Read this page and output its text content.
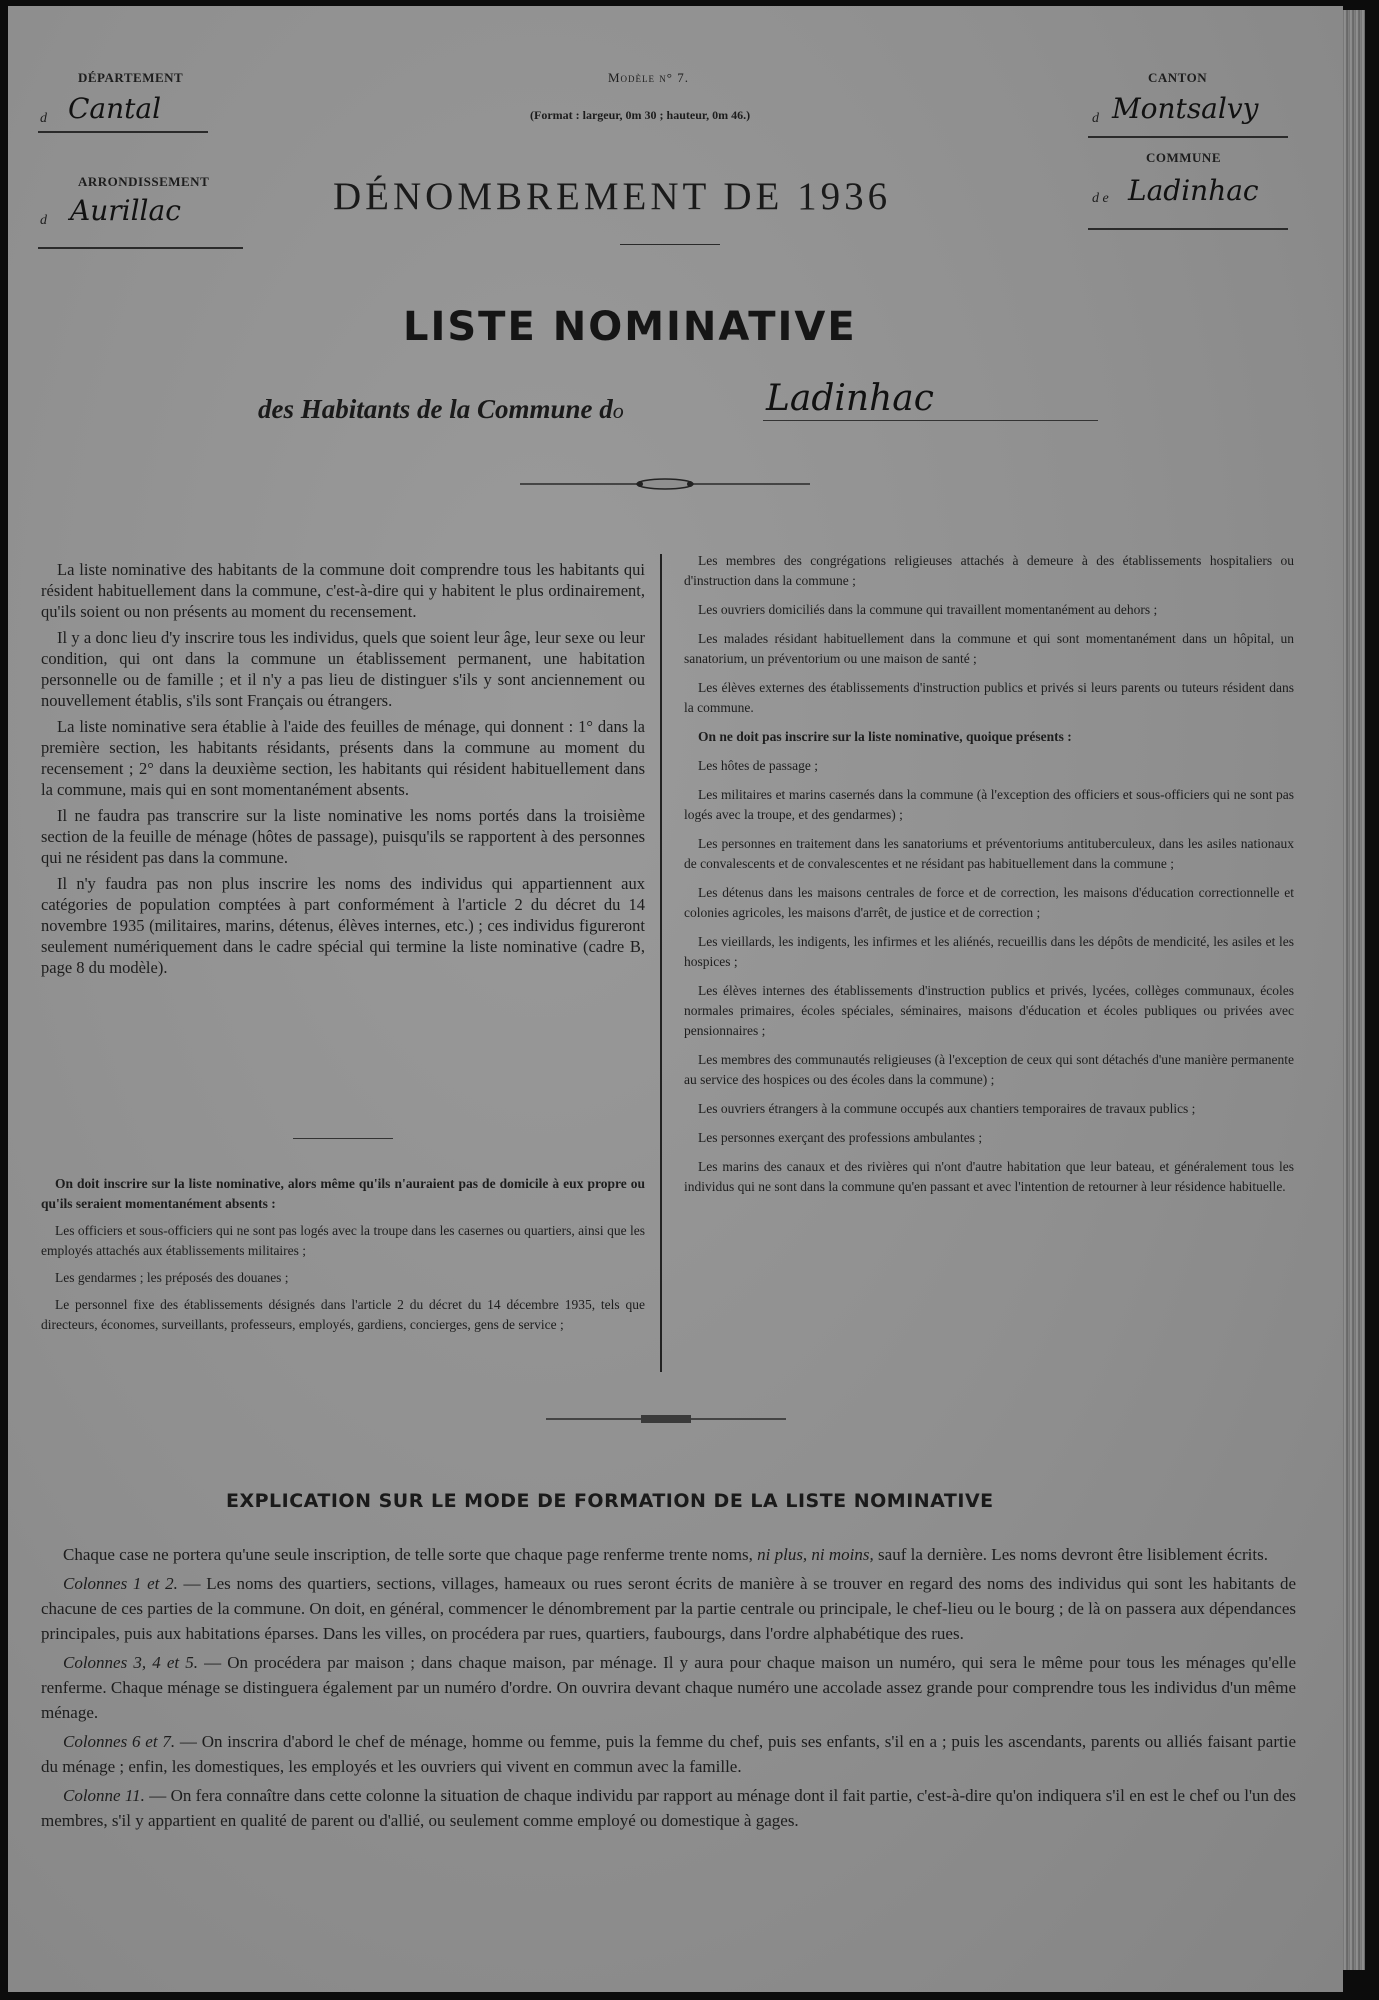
DÉPARTEMENT
d Cantal
ARRONDISSEMENT
d Aurillac
Modèle n° 7.
(Format : largeur, 0m 30 ; hauteur, 0m 46.)
DÉNOMBREMENT DE 1936
CANTON
d Montsalvy
COMMUNE
d e Ladinhac
LISTE NOMINATIVE
des Habitants de la Commune do	Ladinhac

La liste nominative des habitants de la commune doit comprendre tous les habitants qui résident habituellement dans la commune, c'est-à-dire qui y habitent le plus ordinairement, qu'ils soient ou non présents au moment du recensement.

Il y a donc lieu d'y inscrire tous les individus, quels que soient leur âge, leur sexe ou leur condition, qui ont dans la commune un établissement permanent, une habitation personnelle ou de famille ; et il n'y a pas lieu de distinguer s'ils y sont anciennement ou nouvellement établis, s'ils sont Français ou étrangers.

La liste nominative sera établie à l'aide des feuilles de ménage, qui donnent : 1° dans la première section, les habitants résidants, présents dans la commune au moment du recensement ; 2° dans la deuxième section, les habitants qui résident habituellement dans la commune, mais qui en sont momentanément absents.

Il ne faudra pas transcrire sur la liste nominative les noms portés dans la troisième section de la feuille de ménage (hôtes de passage), puisqu'ils se rapportent à des personnes qui ne résident pas dans la commune.

Il n'y faudra pas non plus inscrire les noms des individus qui appartiennent aux catégories de population comptées à part conformément à l'article 2 du décret du 14 novembre 1935 (militaires, marins, détenus, élèves internes, etc.) ; ces individus figureront seulement numériquement dans le cadre spécial qui termine la liste nominative (cadre B, page 8 du modèle).

On doit inscrire sur la liste nominative, alors même qu'ils n'auraient pas de domicile à eux propre ou qu'ils seraient momentanément absents :

Les officiers et sous-officiers qui ne sont pas logés avec la troupe dans les casernes ou quartiers, ainsi que les employés attachés aux établissements militaires ;

Les gendarmes ; les préposés des douanes ;

Le personnel fixe des établissements désignés dans l'article 2 du décret du 14 décembre 1935, tels que directeurs, économes, surveillants, professeurs, employés, gardiens, concierges, gens de service ;

Les membres des congrégations religieuses attachés à demeure à des établissements hospitaliers ou d'instruction dans la commune ;

Les ouvriers domiciliés dans la commune qui travaillent momentanément au dehors ;

Les malades résidant habituellement dans la commune et qui sont momentanément dans un hôpital, un sanatorium, un préventorium ou une maison de santé ;

Les élèves externes des établissements d'instruction publics et privés si leurs parents ou tuteurs résident dans la commune.

On ne doit pas inscrire sur la liste nominative, quoique présents :

Les hôtes de passage ;

Les militaires et marins casernés dans la commune (à l'exception des officiers et sous-officiers qui ne sont pas logés avec la troupe, et des gendarmes) ;

Les personnes en traitement dans les sanatoriums et préventoriums antituberculeux, dans les asiles nationaux de convalescents et de convalescentes et ne résidant pas habituellement dans la commune ;

Les détenus dans les maisons centrales de force et de correction, les maisons d'éducation correctionnelle et colonies agricoles, les maisons d'arrêt, de justice et de correction ;

Les vieillards, les indigents, les infirmes et les aliénés, recueillis dans les dépôts de mendicité, les asiles et les hospices ;

Les élèves internes des établissements d'instruction publics et privés, lycées, collèges communaux, écoles normales primaires, écoles spéciales, séminaires, maisons d'éducation et écoles publiques ou privées avec pensionnaires ;

Les membres des communautés religieuses (à l'exception de ceux qui sont détachés d'une manière permanente au service des hospices ou des écoles dans la commune) ;

Les ouvriers étrangers à la commune occupés aux chantiers temporaires de travaux publics ;

Les personnes exerçant des professions ambulantes ;

Les marins des canaux et des rivières qui n'ont d'autre habitation que leur bateau, et généralement tous les individus qui ne sont dans la commune qu'en passant et avec l'intention de retourner à leur résidence habituelle.

EXPLICATION SUR LE MODE DE FORMATION DE LA LISTE NOMINATIVE

Chaque case ne portera qu'une seule inscription, de telle sorte que chaque page renferme trente noms, ni plus, ni moins, sauf la dernière. Les noms devront être lisiblement écrits.

Colonnes 1 et 2. — Les noms des quartiers, sections, villages, hameaux ou rues seront écrits de manière à se trouver en regard des noms des individus qui sont les habitants de chacune de ces parties de la commune. On doit, en général, commencer le dénombrement par la partie centrale ou principale, le chef-lieu ou le bourg ; de là on passera aux dépendances principales, puis aux habitations éparses. Dans les villes, on procédera par rues, quartiers, faubourgs, dans l'ordre alphabétique des rues.

Colonnes 3, 4 et 5. — On procédera par maison ; dans chaque maison, par ménage. Il y aura pour chaque maison un numéro, qui sera le même pour tous les ménages qu'elle renferme. Chaque ménage se distinguera également par un numéro d'ordre. On ouvrira devant chaque numéro une accolade assez grande pour comprendre tous les individus d'un même ménage.

Colonnes 6 et 7. — On inscrira d'abord le chef de ménage, homme ou femme, puis la femme du chef, puis ses enfants, s'il en a ; puis les ascendants, parents ou alliés faisant partie du ménage ; enfin, les domestiques, les employés et les ouvriers qui vivent en commun avec la famille.

Colonne 11. — On fera connaître dans cette colonne la situation de chaque individu par rapport au ménage dont il fait partie, c'est-à-dire qu'on indiquera s'il en est le chef ou l'un des membres, s'il y appartient en qualité de parent ou d'allié, ou seulement comme employé ou domestique à gages.
